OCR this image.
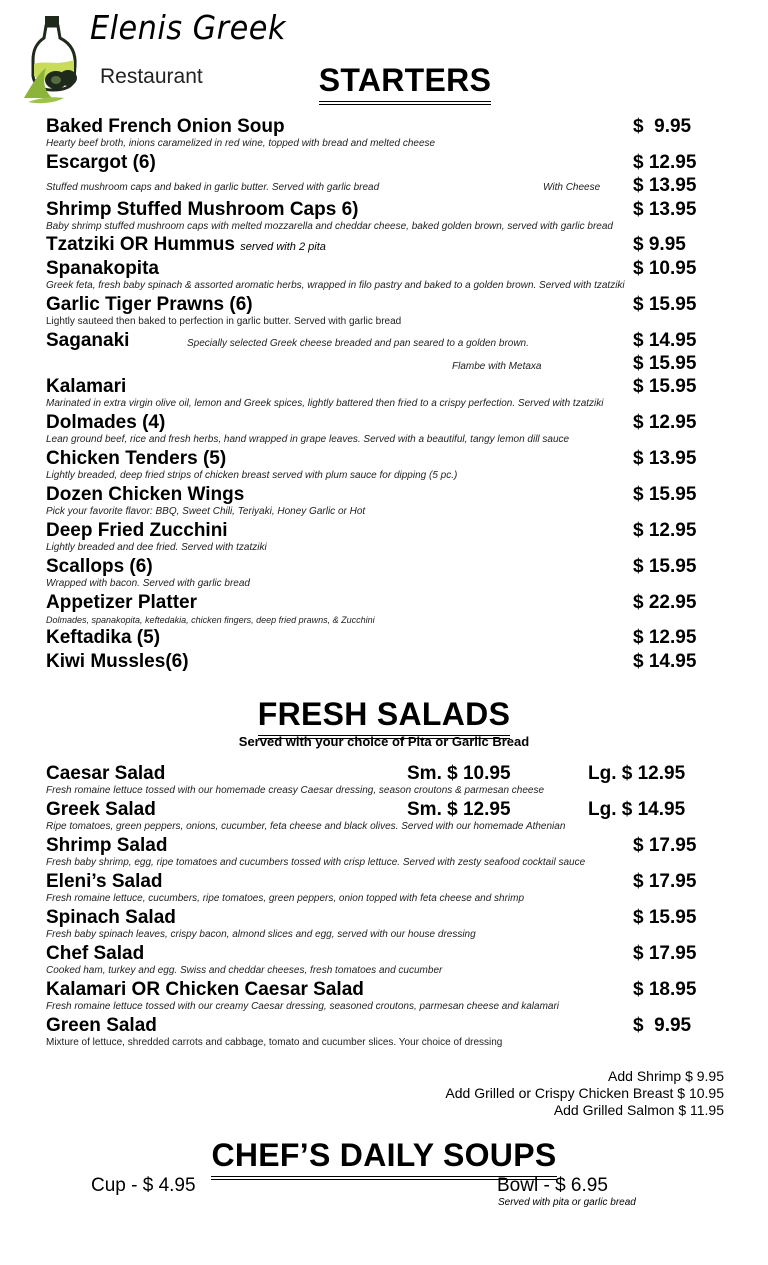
Elenis Greek
Restaurant	STARTERS
Baked French Onion Soup	$  9.95
Hearty beef broth, inions caramelized in red wine, topped with bread and melted cheese
Escargot (6)	$ 12.95
Stuffed mushroom caps and baked in garlic butter. Served with garlic bread	With Cheese $ 13.95
Shrimp Stuffed Mushroom Caps 6)	$ 13.95
Baby shrimp stuffed mushroom caps with melted mozzarella and cheddar cheese, baked golden brown, served with garlic bread
Tzatziki OR Hummus served with 2 pita	$ 9.95
Spanakopita	$ 10.95
Greek feta, fresh baby spinach & assorted aromatic herbs, wrapped in filo pastry and baked to a golden brown. Served with tzatziki
Garlic Tiger Prawns (6)	$ 15.95
Lightly sauteed then baked to perfection in garlic butter. Served with garlic bread
Saganaki	Specially selected Greek cheese breaded and pan seared to a golden brown.	$ 14.95
Flambe with Metaxa	$ 15.95
Kalamari	$ 15.95
Marinated in extra virgin olive oil, lemon and Greek spices, lightly battered then fried to a crispy perfection. Served with tzatziki
Dolmades (4)	$ 12.95
Lean ground beef, rice and fresh herbs, hand wrapped in grape leaves. Served with a beautiful, tangy lemon dill sauce
Chicken Tenders (5)	$ 13.95
Lightly breaded, deep fried strips of chicken breast served with plum sauce for dipping (5 pc.)
Dozen Chicken Wings	$ 15.95
Pick your favorite flavor: BBQ, Sweet Chili, Teriyaki, Honey Garlic or Hot
Deep Fried Zucchini	$ 12.95
Lightly breaded and dee fried. Served with tzatziki
Scallops (6)	$ 15.95
Wrapped with bacon. Served with garlic bread
Appetizer Platter	$ 22.95
Dolmades, spanakopita, keftedakia, chicken fingers, deep fried prawns, & Zucchini
Keftadika (5)	$ 12.95
Kiwi Mussles(6)	$ 14.95
FRESH SALADS
Served with your choice of Pita or Garlic Bread
Caesar Salad	Sm. $ 10.95	Lg. $ 12.95
Fresh romaine lettuce tossed with our homemade creasy Caesar dressing, season croutons & parmesan cheese
Greek Salad	Sm. $ 12.95	Lg. $ 14.95
Ripe tomatoes, green peppers, onions, cucumber, feta cheese and black olives. Served with our homemade Athenian
Shrimp Salad	$ 17.95
Fresh baby shrimp, egg, ripe tomatoes and cucumbers tossed with crisp lettuce. Served with zesty seafood cocktail sauce
Eleni’s Salad	$ 17.95
Fresh romaine lettuce, cucumbers, ripe tomatoes, green peppers, onion topped with feta cheese and shrimp
Spinach Salad	$ 15.95
Fresh baby spinach leaves, crispy bacon, almond slices and egg, served with our house dressing
Chef Salad	$ 17.95
Cooked ham, turkey and egg. Swiss and cheddar cheeses, fresh tomatoes and cucumber
Kalamari OR Chicken Caesar Salad	$ 18.95
Fresh romaine lettuce tossed with our creamy Caesar dressing, seasoned croutons, parmesan cheese and kalamari
Green Salad	$  9.95
Mixture of lettuce, shredded carrots and cabbage, tomato and cucumber slices. Your choice of dressing
Add Shrimp $ 9.95
Add Grilled or Crispy Chicken Breast $ 10.95
Add Grilled Salmon $ 11.95
CHEF’S DAILY SOUPS
Cup - $ 4.95	Bowl - $ 6.95
Served with pita or garlic bread
